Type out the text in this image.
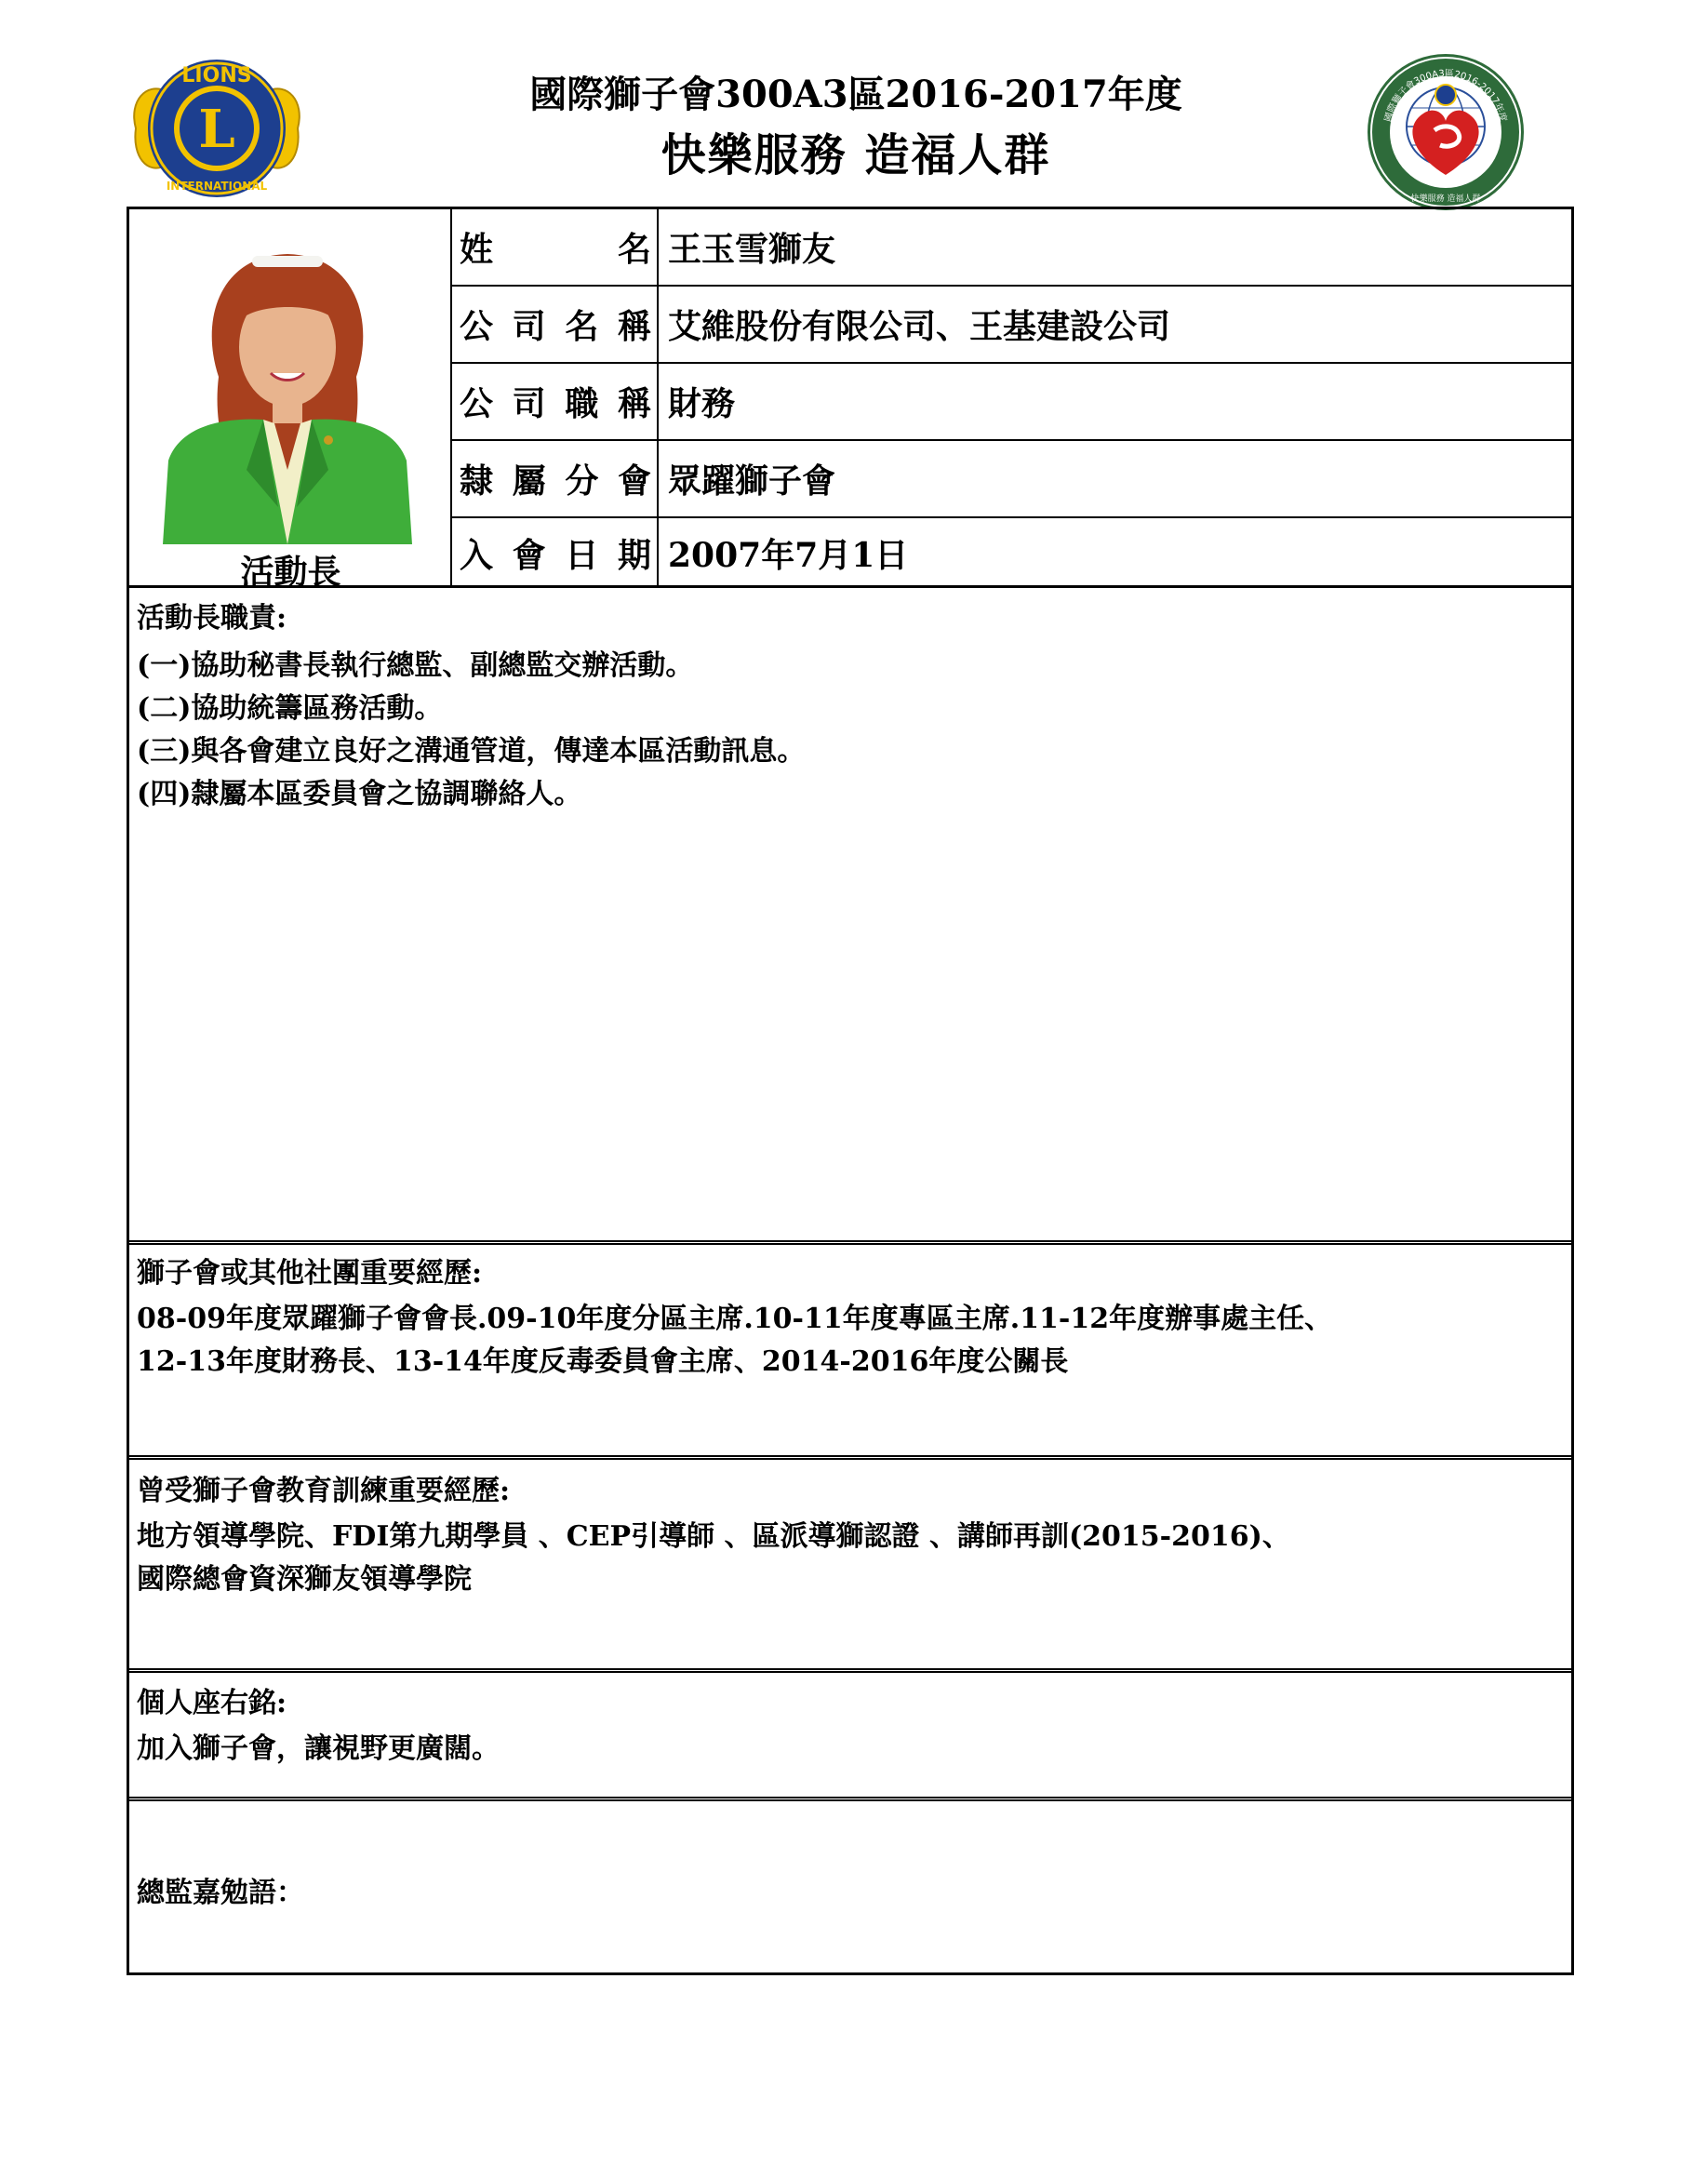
L
LIONS
INTERNATIONAL
國際獅子會300A3區2016-2017年度
快樂服務 造福人群
國際獅子會300A3區2016-2017年度
快樂服務 造福人群
活動長
姓	名 王玉雪獅友
公 司 名 稱 艾維股份有限公司、王基建設公司
公 司 職 稱 財務
隸 屬 分 會 眾躍獅子會
入 會 日 期 2007年7月1日
活動長職責:
(一)協助秘書長執行總監、副總監交辦活動。
(二)協助統籌區務活動。
(三)與各會建立良好之溝通管道，傳達本區活動訊息。
(四)隸屬本區委員會之協調聯絡人。
獅子會或其他社團重要經歷:
08-09年度眾躍獅子會會長.09-10年度分區主席.10-11年度專區主席.11-12年度辦事處主任、
12-13年度財務長、13-14年度反毒委員會主席、2014-2016年度公關長
曾受獅子會教育訓練重要經歷:
地方領導學院、FDI第九期學員 、CEP引導師 、區派導獅認證 、講師再訓(2015-2016)、
國際總會資深獅友領導學院
個人座右銘:
加入獅子會，讓視野更廣闊。
總監嘉勉語：
